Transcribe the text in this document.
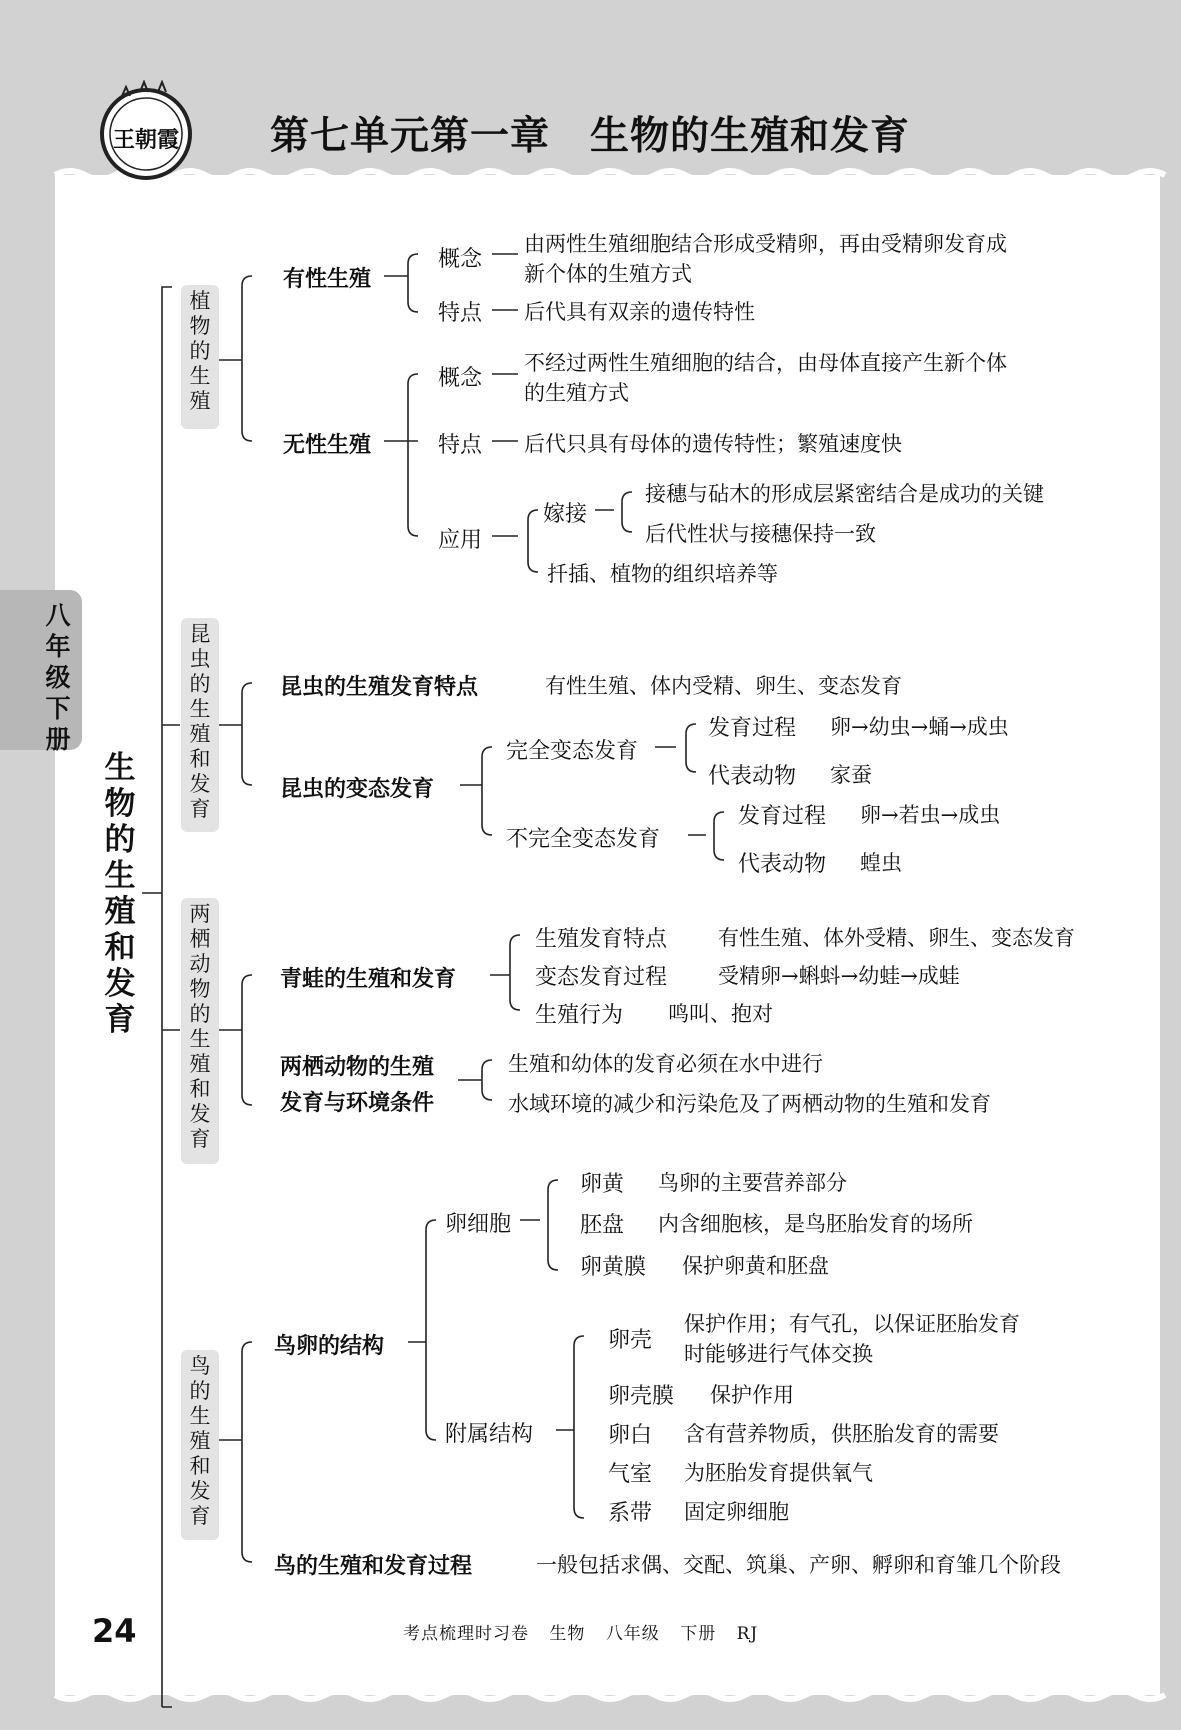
王朝霞	第七单元第一章　生物的生殖和发育
八年级下册
生物的生殖和发育
植物的生殖
昆虫的生殖和发育
两栖动物的生殖和发育
鸟的生殖和发育
有性生殖
概念
由两性生殖细胞结合形成受精卵，再由受精卵发育成
新个体的生殖方式
特点 后代具有双亲的遗传特性
无性生殖
概念
不经过两性生殖细胞的结合，由母体直接产生新个体
的生殖方式
特点 后代只具有母体的遗传特性；繁殖速度快
应用
嫁接
接穗与砧木的形成层紧密结合是成功的关键
后代性状与接穗保持一致
扦插、植物的组织培养等
昆虫的生殖发育特点	有性生殖、体内受精、卵生、变态发育
昆虫的变态发育
完全变态发育
发育过程 卵→幼虫→蛹→成虫
代表动物 家蚕
不完全变态发育
发育过程 卵→若虫→成虫
代表动物 蝗虫
青蛙的生殖和发育
生殖发育特点 有性生殖、体外受精、卵生、变态发育
变态发育过程 受精卵→蝌蚪→幼蛙→成蛙
生殖行为 鸣叫、抱对
两栖动物的生殖
发育与环境条件
生殖和幼体的发育必须在水中进行
水域环境的减少和污染危及了两栖动物的生殖和发育
鸟卵的结构
卵细胞
卵黄 鸟卵的主要营养部分
胚盘 内含细胞核，是鸟胚胎发育的场所
卵黄膜 保护卵黄和胚盘
附属结构
卵壳
保护作用；有气孔，以保证胚胎发育
时能够进行气体交换
卵壳膜 保护作用
卵白 含有营养物质，供胚胎发育的需要
气室 为胚胎发育提供氧气
系带 固定卵细胞
鸟的生殖和发育过程	一般包括求偶、交配、筑巢、产卵、孵卵和育雏几个阶段
24	考点梳理时习卷 生物 八年级 下册 RJ
